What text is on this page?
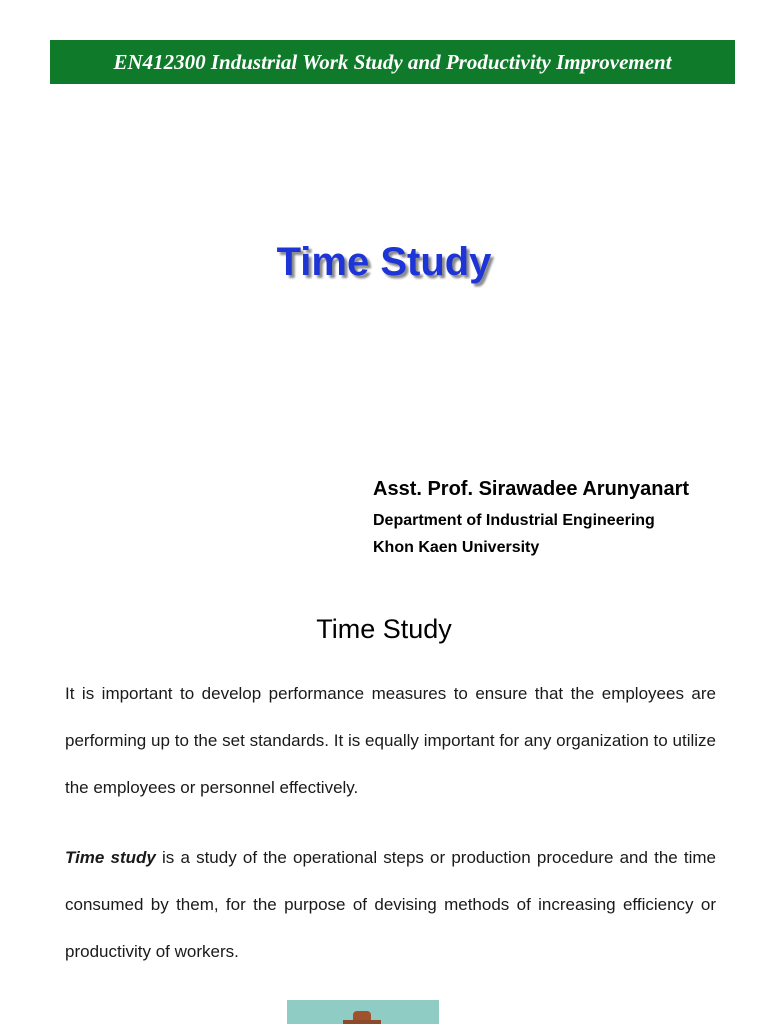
EN412300 Industrial Work Study and Productivity Improvement
Time Study
Asst. Prof. Sirawadee Arunyanart
Department of Industrial Engineering
Khon Kaen University
Time Study
It is important to develop performance measures to ensure that the employees are performing up to the set standards. It is equally important for any organization to utilize the employees or personnel effectively.
Time study is a study of the operational steps or production procedure and the time consumed by them, for the purpose of devising methods of increasing efficiency or productivity of workers.
